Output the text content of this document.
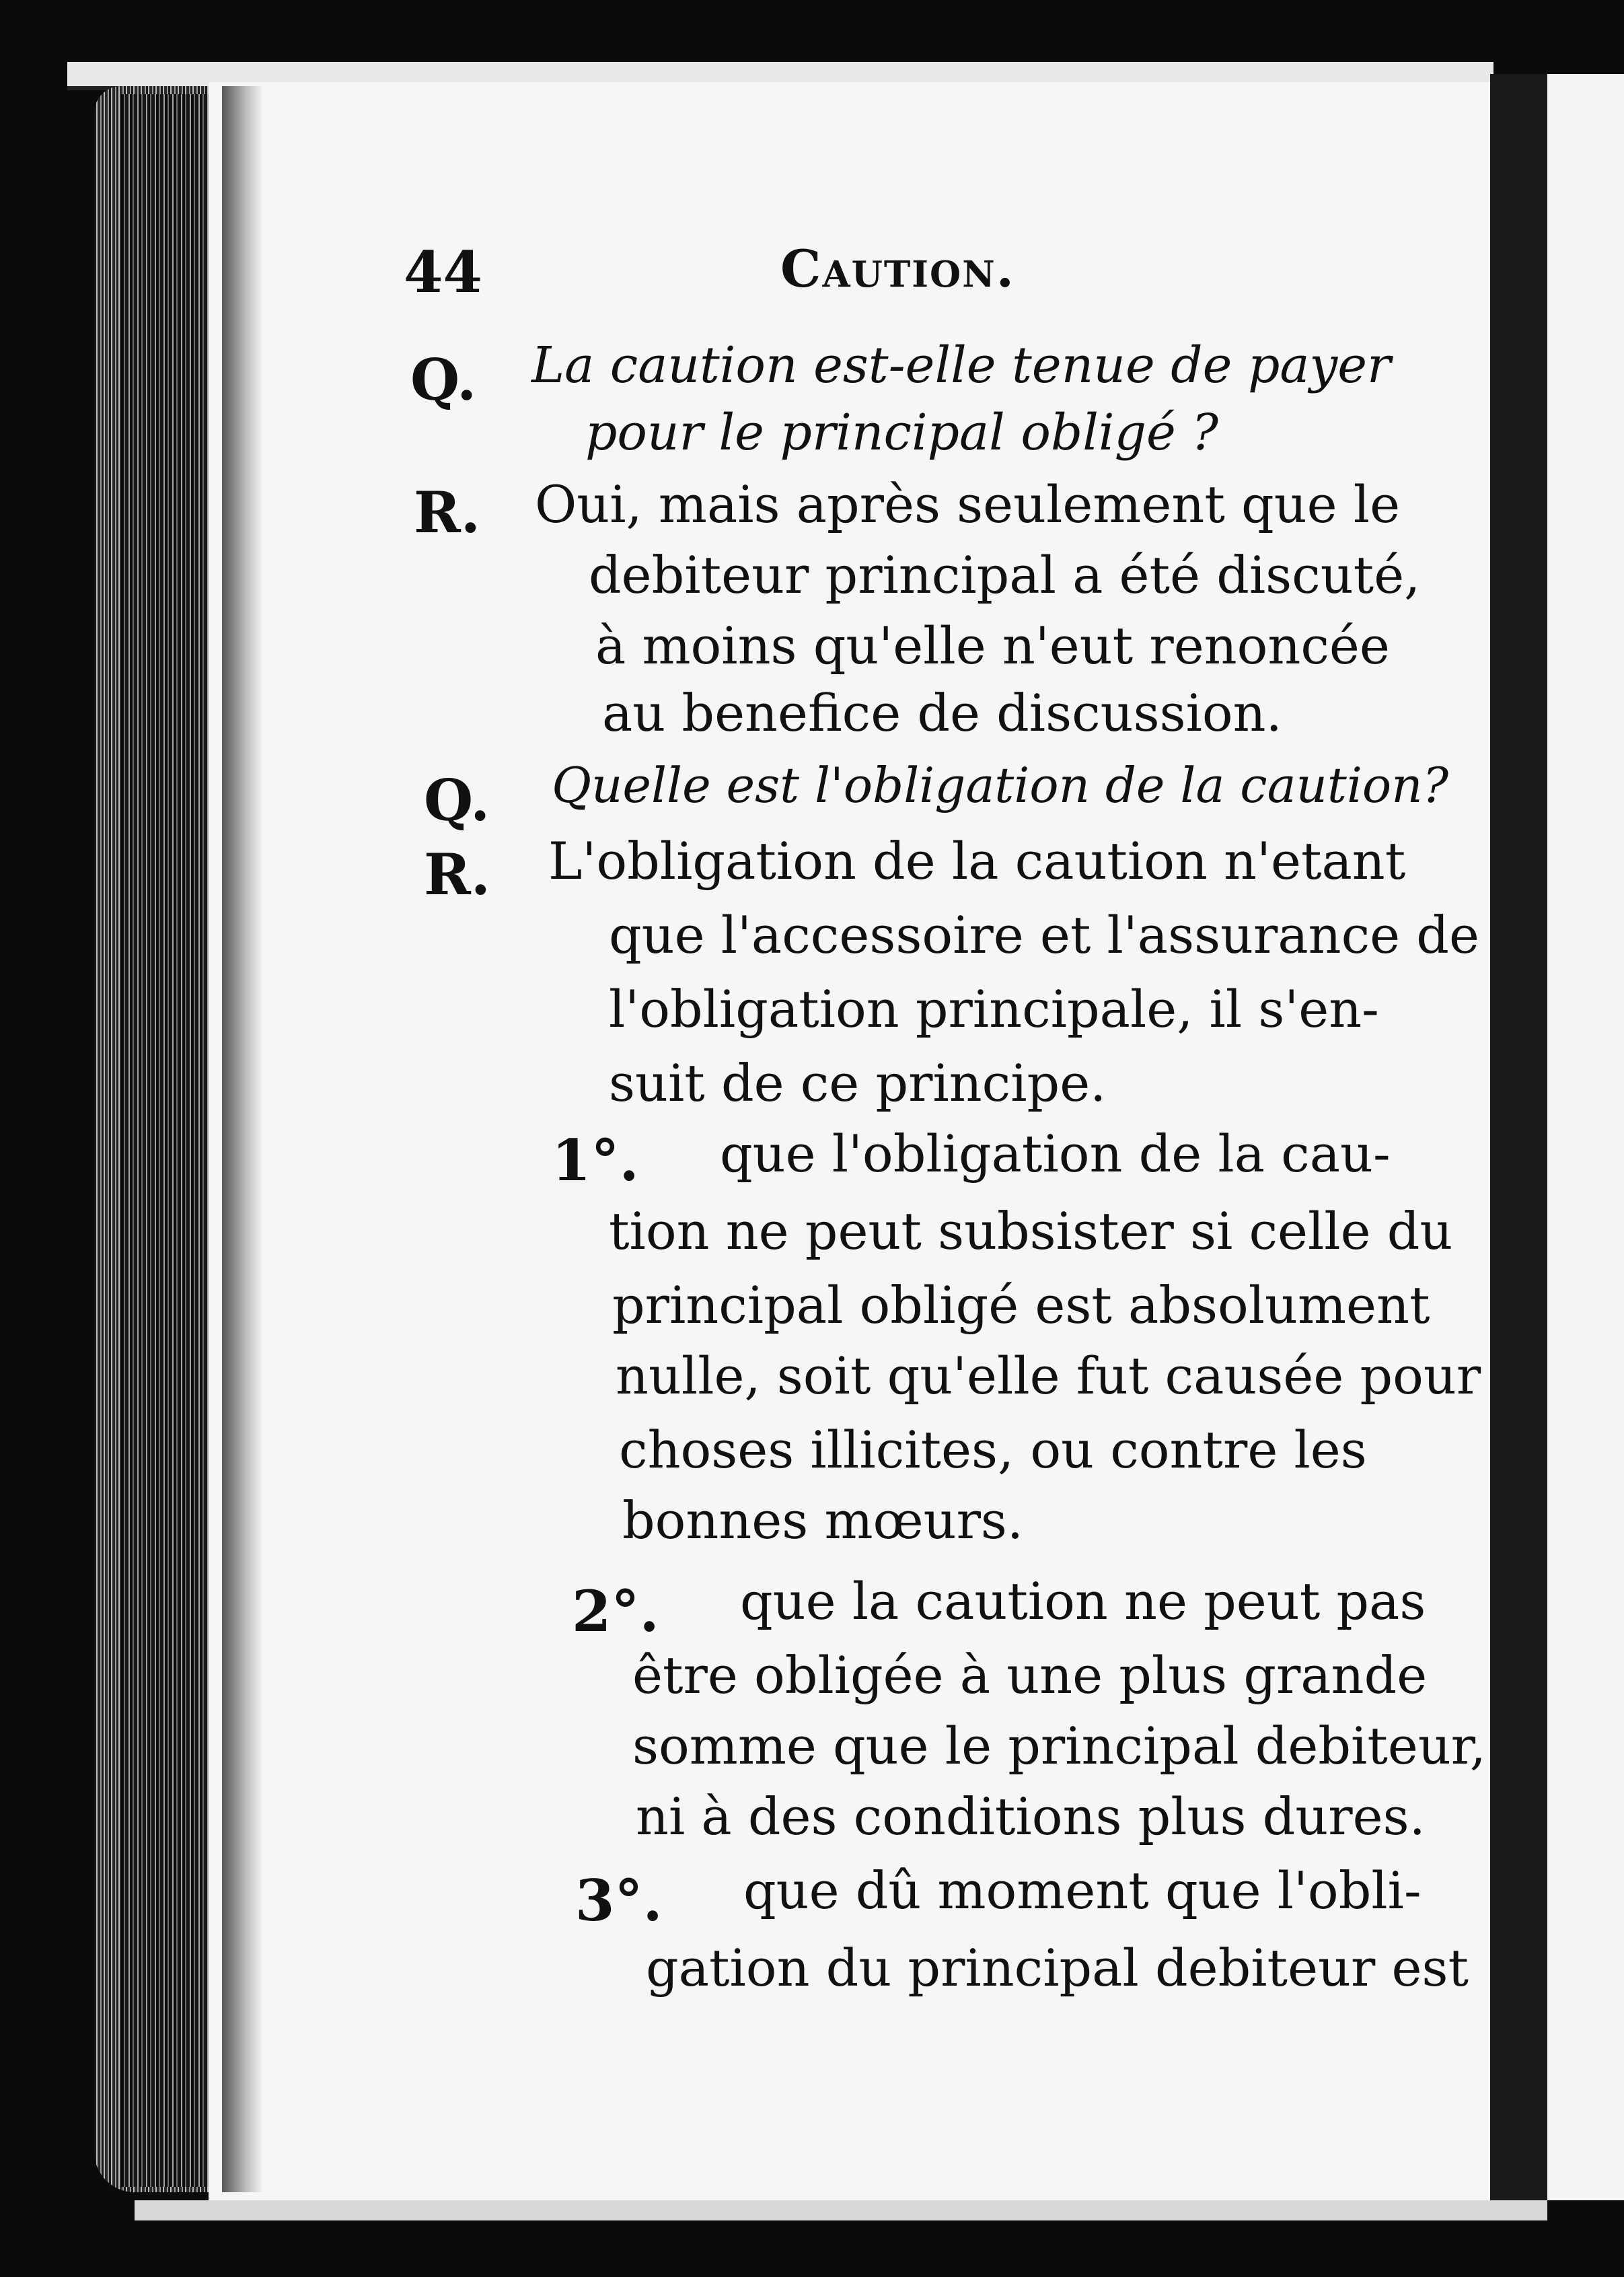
44	Caution.

Q. La caution est-elle tenue de payer

pour le principal obligé ?

R. Oui, mais après seulement que le

debiteur principal a été discuté,

à moins qu'elle n'eut renoncée

au benefice de discussion.

Q. Quelle est l'obligation de la caution?

R. L'obligation de la caution n'etant

que l'accessoire et l'assurance de

l'obligation principale, il s'en-

suit de ce principe.

1°. que l'obligation de la cau-

tion ne peut subsister si celle du

principal obligé est absolument

nulle, soit qu'elle fut causée pour

choses illicites, ou contre les

bonnes mœurs.

2°. que la caution ne peut pas

être obligée à une plus grande

somme que le principal debiteur,

ni à des conditions plus dures.

3°. que dû moment que l'obli-

gation du principal debiteur est
